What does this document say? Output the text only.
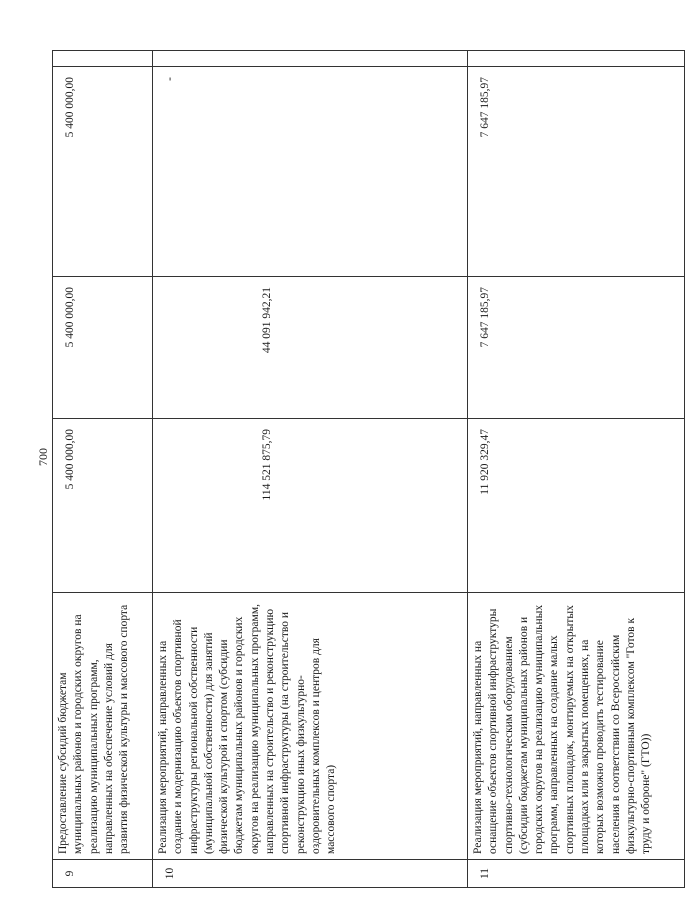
700
9	Предоставление субсидий бюджетам муниципальных районов и городских округов на реализацию муниципальных программ, направленных на обеспечение условий для развития физической культуры и массового спорта	5 400 000,00	5 400 000,00	5 400 000,00	
10	Реализация мероприятий, направленных на создание и модернизацию объектов спортивной инфраструктуры региональной собственности (муниципальной собственности) для занятий физической культурой и спортом (субсидии бюджетам муниципальных районов и городских округов на реализацию муниципальных программ, направленных на строительство и реконструкцию спортивной инфраструктуры (на строительство и реконструкцию иных физкультурно-оздоровительных комплексов и центров для массового спорта)	114 521 875,79	44 091 942,21	-	
11	Реализация мероприятий, направленных на оснащение объектов спортивной инфраструктуры спортивно-технологическим оборудованием (субсидии бюджетам муниципальных районов и городских округов на реализацию муниципальных программ, направленных на создание малых спортивных площадок, монтируемых на открытых площадках или в закрытых помещениях, на которых возможно проводить тестирование населения в соответствии со Всероссийским физкультурно-спортивным комплексом "Готов к труду и обороне" (ГТО))	11 920 329,47	7 647 185,97	7 647 185,97	
